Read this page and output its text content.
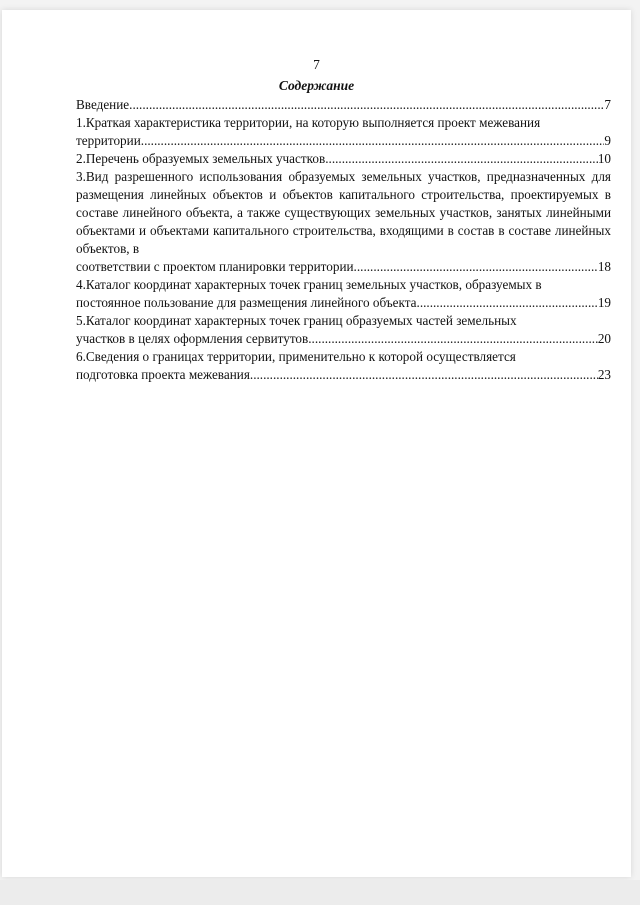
7
Содержание
Введение .....	7

1.Краткая характеристика территории, на которую выполняется проект межевания

территории .....	9
2.Перечень образуемых земельных участков .....	10

3.Вид разрешенного использования образуемых земельных участков, предназначенных для размещения линейных объектов и объектов капитального строительства, проектируемых в составе линейного объекта, а также существующих земельных участков, занятых линейными объектами и объектами капитального строительства, входящими в состав в составе линейных объектов, в

соответствии с проектом планировки территории. .....	18

4.Каталог координат характерных точек границ земельных участков, образуемых в

постоянное пользование для размещения линейного объекта .....	19

5.Каталог координат характерных точек границ образуемых частей земельных

участков в целях оформления сервитутов .....	20

6.Сведения о границах территории, применительно к которой осуществляется

подготовка проекта межевания .....	23
